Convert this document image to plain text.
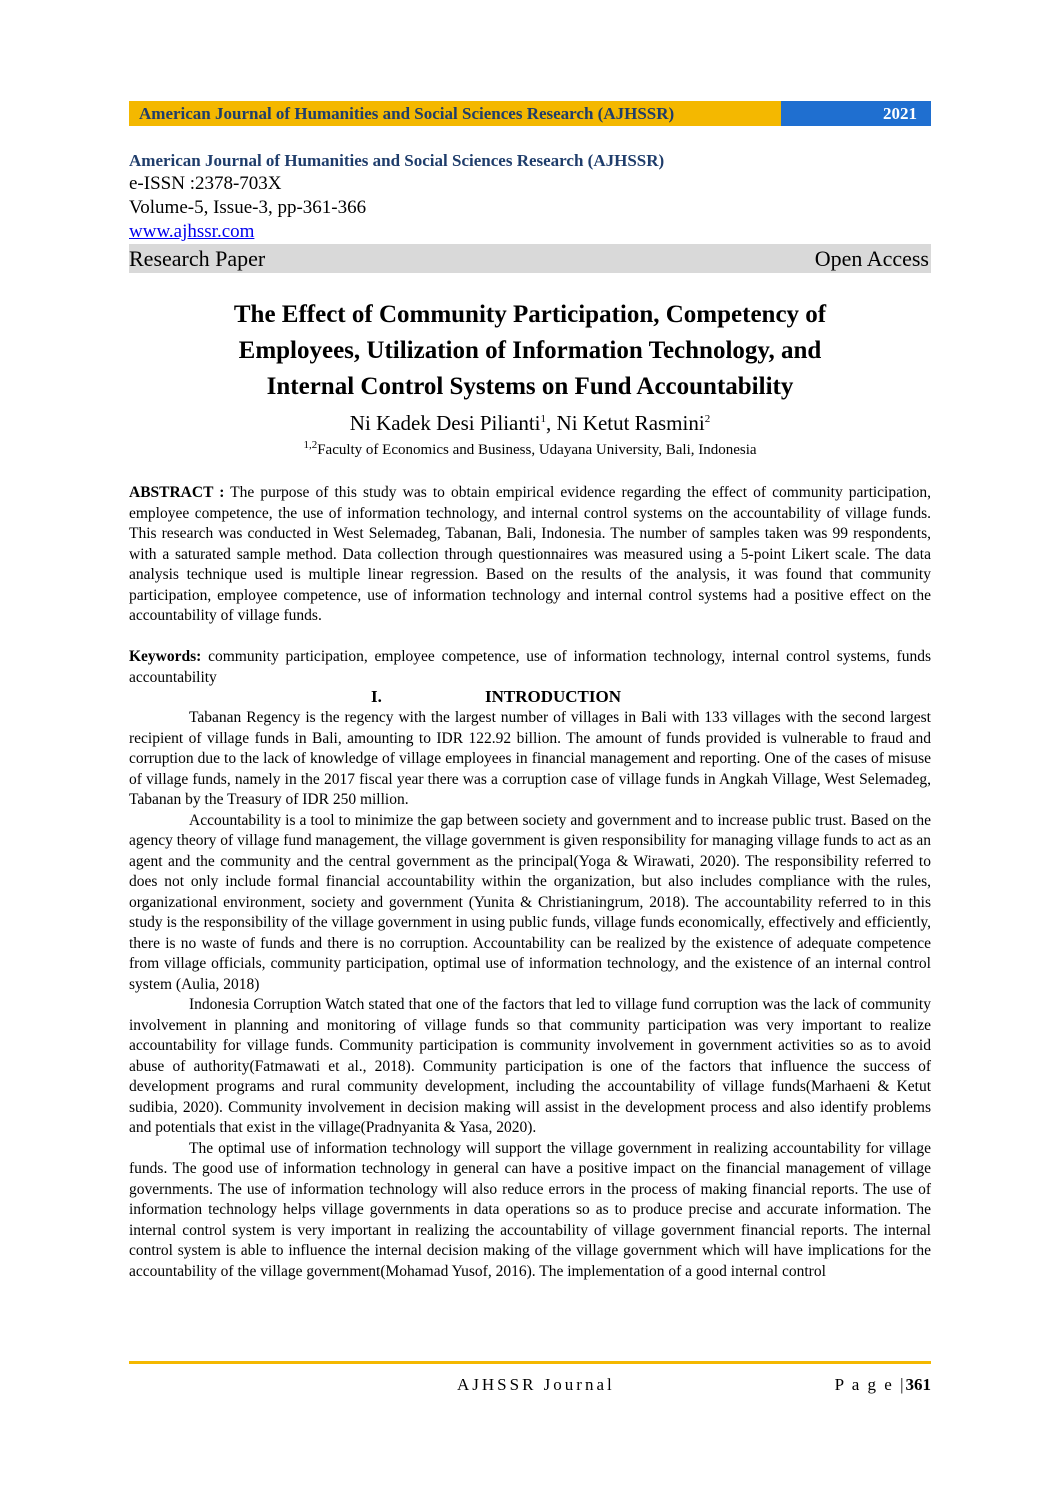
American Journal of Humanities and Social Sciences Research (AJHSSR)	2021
American Journal of Humanities and Social Sciences Research (AJHSSR)
e-ISSN :2378-703X
Volume-5, Issue-3, pp-361-366
www.ajhssr.com
Research Paper	Open Access
The Effect of Community Participation, Competency of
Employees, Utilization of Information Technology, and
Internal Control Systems on Fund Accountability
Ni Kadek Desi Pilianti$^1$, Ni Ketut Rasmini$^2$
$^{1,2}$Faculty of Economics and Business, Udayana University, Bali, Indonesia
ABSTRACT : The purpose of this study was to obtain empirical evidence regarding the effect of community participation, employee competence, the use of information technology, and internal control systems on the accountability of village funds. This research was conducted in West Selemadeg, Tabanan, Bali, Indonesia. The number of samples taken was 99 respondents, with a saturated sample method. Data collection through questionnaires was measured using a 5-point Likert scale. The data analysis technique used is multiple linear regression. Based on the results of the analysis, it was found that community participation, employee competence, use of information technology and internal control systems had a positive effect on the accountability of village funds.
Keywords: community participation, employee competence, use of information technology, internal control systems, funds accountability
I.	INTRODUCTION

Tabanan Regency is the regency with the largest number of villages in Bali with 133 villages with the second largest recipient of village funds in Bali, amounting to IDR 122.92 billion. The amount of funds provided is vulnerable to fraud and corruption due to the lack of knowledge of village employees in financial management and reporting. One of the cases of misuse of village funds, namely in the 2017 fiscal year there was a corruption case of village funds in Angkah Village, West Selemadeg, Tabanan by the Treasury of IDR 250 million.

Accountability is a tool to minimize the gap between society and government and to increase public trust. Based on the agency theory of village fund management, the village government is given responsibility for managing village funds to act as an agent and the community and the central government as the principal(Yoga & Wirawati, 2020). The responsibility referred to does not only include formal financial accountability within the organization, but also includes compliance with the rules, organizational environment, society and government (Yunita & Christianingrum, 2018). The accountability referred to in this study is the responsibility of the village government in using public funds, village funds economically, effectively and efficiently, there is no waste of funds and there is no corruption. Accountability can be realized by the existence of adequate competence from village officials, community participation, optimal use of information technology, and the existence of an internal control system (Aulia, 2018)

Indonesia Corruption Watch stated that one of the factors that led to village fund corruption was the lack of community involvement in planning and monitoring of village funds so that community participation was very important to realize accountability for village funds. Community participation is community involvement in government activities so as to avoid abuse of authority(Fatmawati et al., 2018). Community participation is one of the factors that influence the success of development programs and rural community development, including the accountability of village funds(Marhaeni & Ketut sudibia, 2020). Community involvement in decision making will assist in the development process and also identify problems and potentials that exist in the village(Pradnyanita & Yasa, 2020).

The optimal use of information technology will support the village government in realizing accountability for village funds. The good use of information technology in general can have a positive impact on the financial management of village governments. The use of information technology will also reduce errors in the process of making financial reports. The use of information technology helps village governments in data operations so as to produce precise and accurate information. The internal control system is very important in realizing the accountability of village government financial reports. The internal control system is able to influence the internal decision making of the village government which will have implications for the accountability of the village government(Mohamad Yusof, 2016). The implementation of a good internal control

AJHSSR Journal	P a g e |361
